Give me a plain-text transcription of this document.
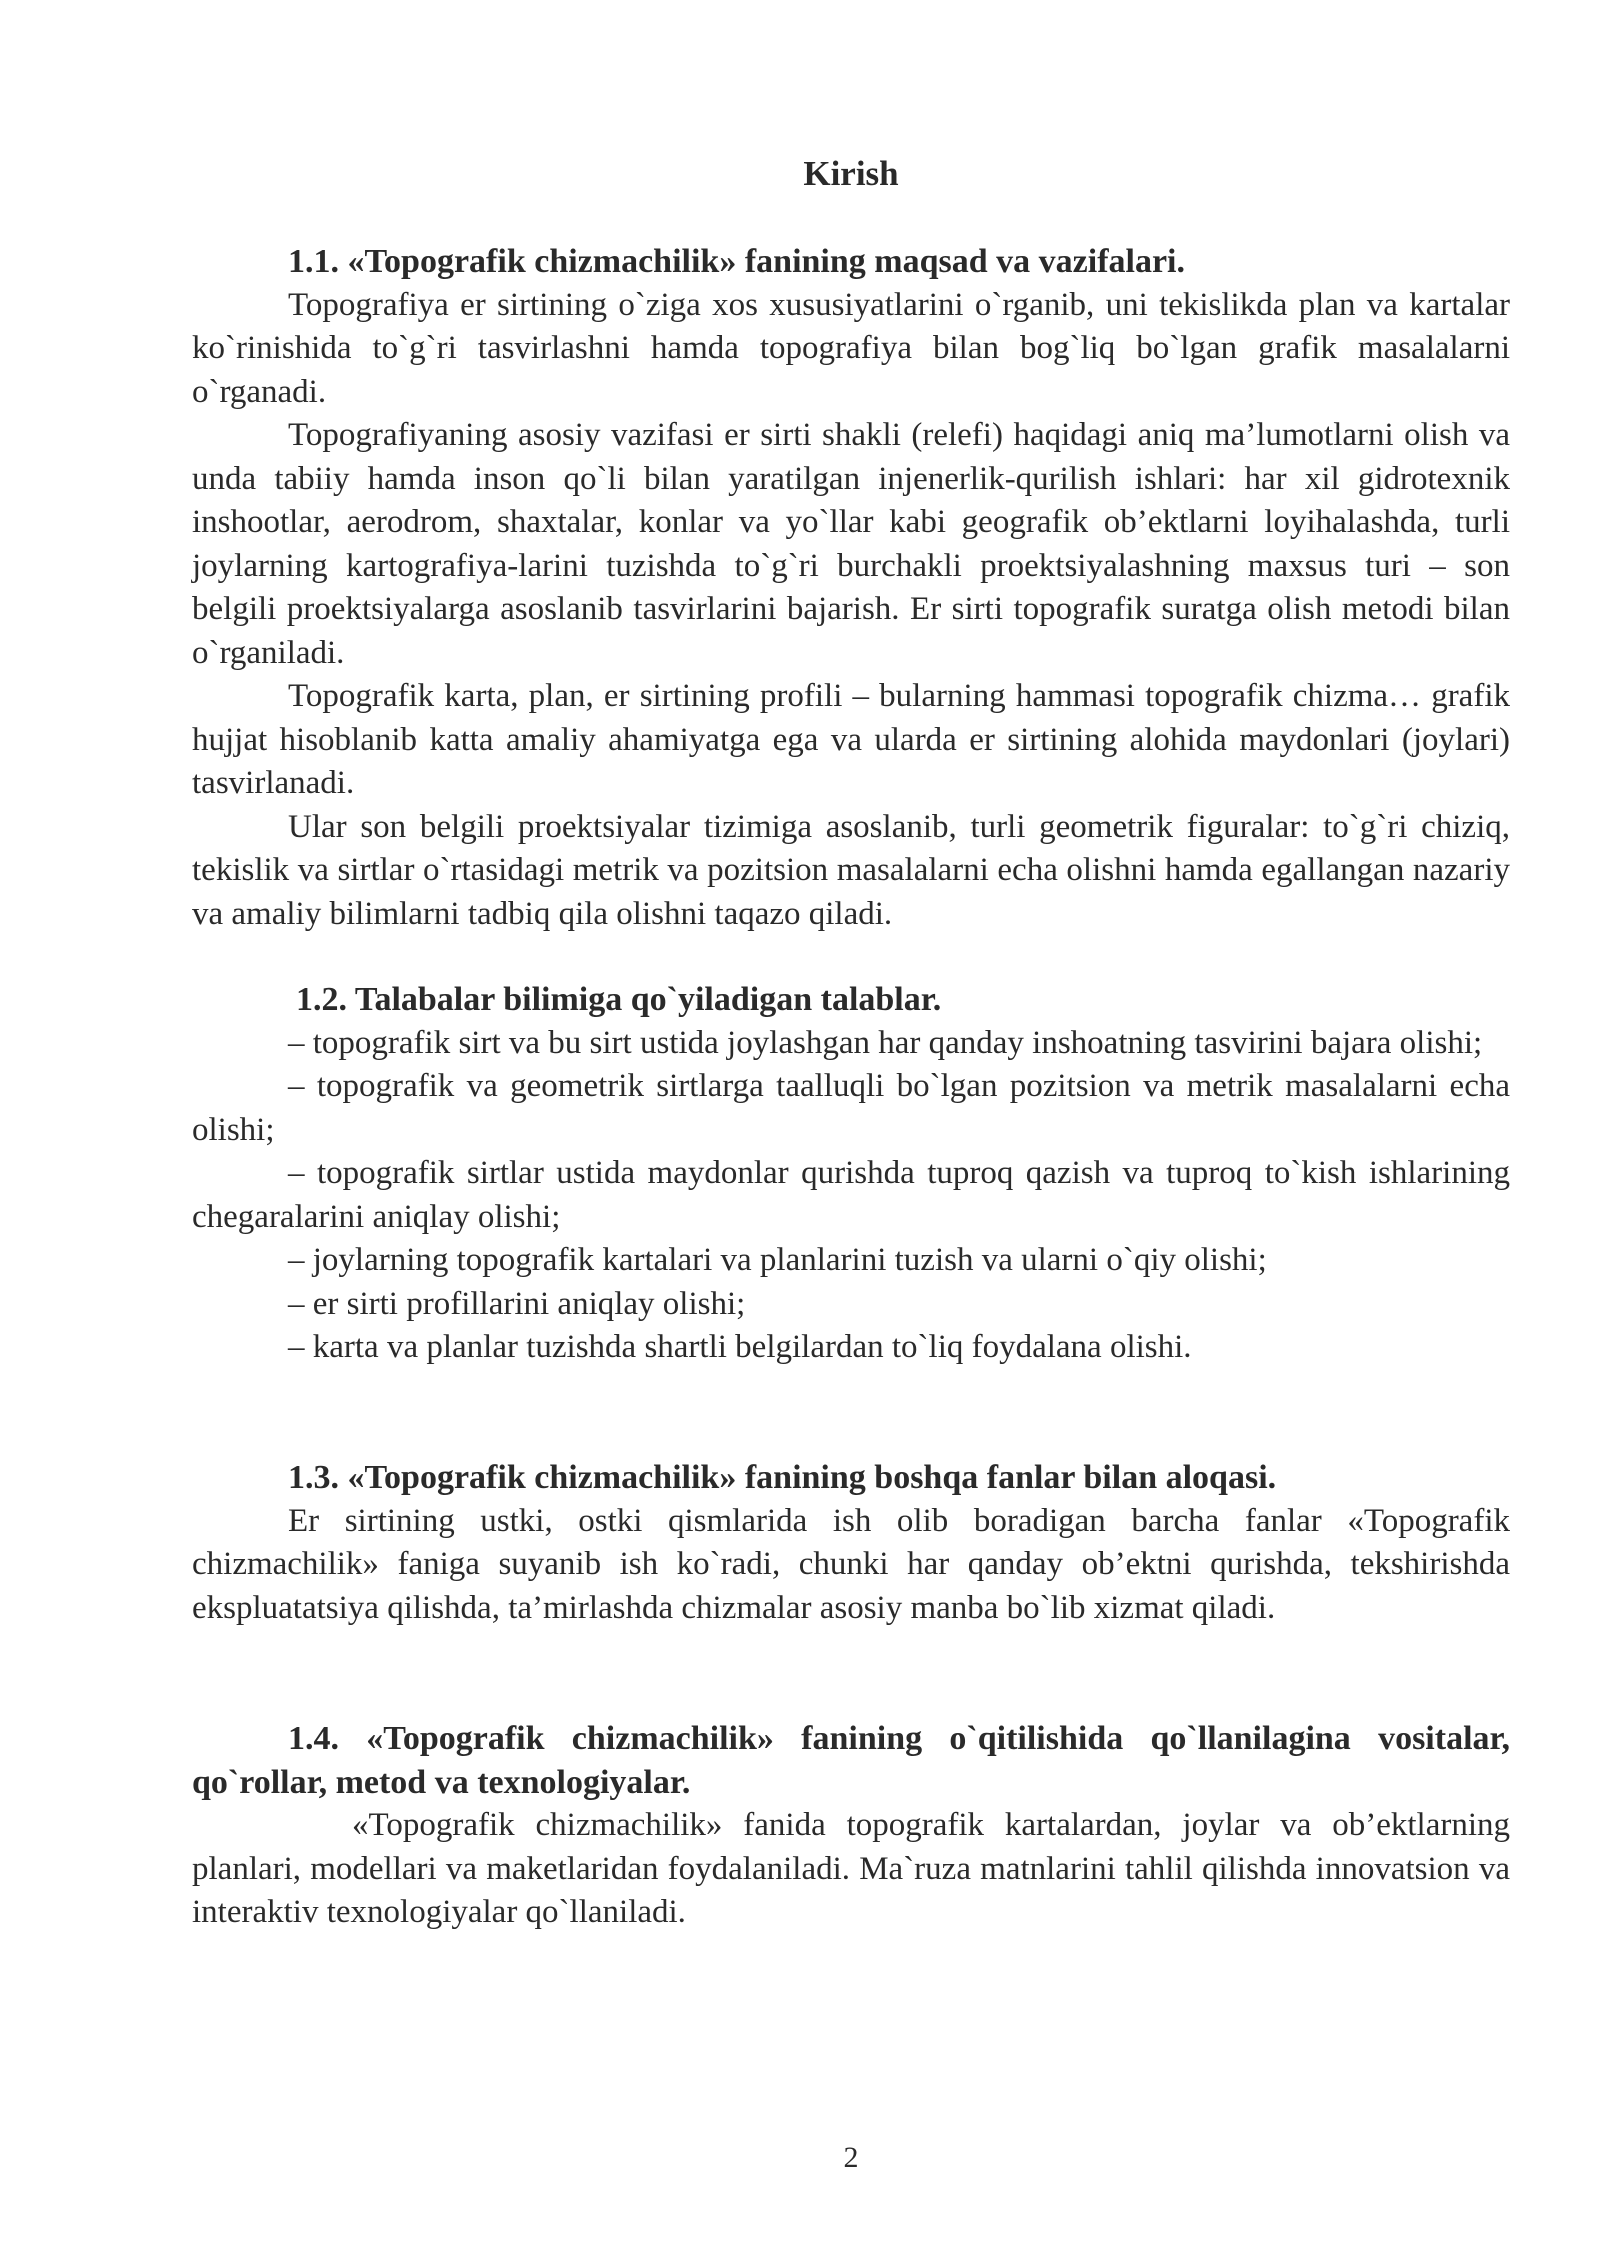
Kirish
1.1. «Topografik chizmachilik» fanining maqsad va vazifalari.
Topografiya er sirtining o`ziga xos xususiyatlarini o`rganib, uni tekislikda plan va kartalar ko`rinishida to`g`ri tasvirlashni hamda topografiya bilan bog`liq bo`lgan grafik masalalarni o`rganadi.
Topografiyaning asosiy vazifasi er sirti shakli (relefi) haqidagi aniq ma’lumotlarni olish va unda tabiiy hamda inson qo`li bilan yaratilgan injenerlik-qurilish ishlari: har xil gidrotexnik inshootlar, aerodrom, shaxtalar, konlar va yo`llar kabi geografik ob’ektlarni loyihalashda, turli joylarning kartografiya-larini tuzishda to`g`ri burchakli proektsiyalashning maxsus turi – son belgili proektsiyalarga asoslanib tasvirlarini bajarish. Er sirti topografik suratga olish metodi bilan o`rganiladi.
Topografik karta, plan, er sirtining profili – bularning hammasi topografik chizma… grafik hujjat hisoblanib katta amaliy ahamiyatga ega va ularda er sirtining alohida maydonlari (joylari) tasvirlanadi.
Ular son belgili proektsiyalar tizimiga asoslanib, turli geometrik figuralar: to`g`ri chiziq, tekislik va sirtlar o`rtasidagi metrik va pozitsion masalalarni echa olishni hamda egallangan nazariy va amaliy bilimlarni tadbiq qila olishni taqazo qiladi.
1.2. Talabalar bilimiga qo`yiladigan talablar.
– topografik sirt va bu sirt ustida joylashgan har qanday inshoatning tasvirini bajara olishi;
– topografik va geometrik sirtlarga taalluqli bo`lgan pozitsion va metrik masalalarni echa olishi;
– topografik sirtlar ustida maydonlar qurishda tuproq qazish va tuproq to`kish ishlarining chegaralarini aniqlay olishi;
– joylarning topografik kartalari va planlarini tuzish va ularni o`qiy olishi;
– er sirti profillarini aniqlay olishi;
– karta va planlar tuzishda shartli belgilardan to`liq foydalana olishi.
1.3. «Topografik chizmachilik» fanining boshqa fanlar bilan aloqasi.
Er sirtining ustki, ostki qismlarida ish olib boradigan barcha fanlar «Topografik chizmachilik» faniga suyanib ish ko`radi, chunki har qanday ob’ektni qurishda, tekshirishda ekspluatatsiya qilishda, ta’mirlashda chizmalar asosiy manba bo`lib xizmat qiladi.
1.4. «Topografik chizmachilik» fanining o`qitilishida qo`llanilagina vositalar, qo`rollar, metod va texnologiyalar.
«Topografik chizmachilik» fanida topografik kartalardan, joylar va ob’ektlarning planlari, modellari va maketlaridan foydalaniladi. Ma`ruza matnlarini tahlil qilishda innovatsion va interaktiv texnologiyalar qo`llaniladi.
2
